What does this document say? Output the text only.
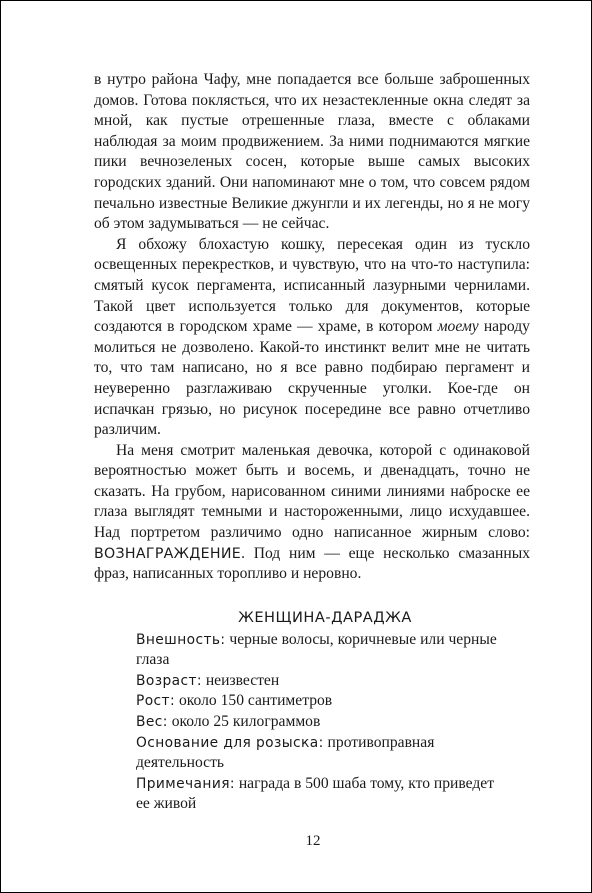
в нутро района Чафу, мне попадается все больше заброшенных домов. Готова поклясться, что их незастекленные окна следят за мной, как пустые отрешенные глаза, вместе с облаками наблюдая за моим продвижением. За ними поднимаются мягкие пики вечнозеленых сосен, которые выше самых высоких городских зданий. Они напоминают мне о том, что совсем рядом печально известные Великие джунгли и их легенды, но я не могу об этом задумываться — не сейчас.

Я обхожу блохастую кошку, пересекая один из тускло освещенных перекрестков, и чувствую, что на что-то наступила: смятый кусок пергамента, исписанный лазурными чернилами. Такой цвет используется только для документов, которые создаются в городском храме — храме, в котором моему народу молиться не дозволено. Какой-то инстинкт велит мне не читать то, что там написано, но я все равно подбираю пергамент и неуверенно разглаживаю скрученные уголки. Кое-где он испачкан грязью, но рисунок посередине все равно отчетливо различим.

На меня смотрит маленькая девочка, которой с одинаковой вероятностью может быть и восемь, и двенадцать, точно не сказать. На грубом, нарисованном синими линиями наброске ее глаза выглядят темными и настороженными, лицо исхудавшее. Над портретом различимо одно написанное жирным слово: ВОЗНАГРАЖДЕНИЕ. Под ним — еще несколько смазанных фраз, написанных торопливо и неровно.

ЖЕНЩИНА-ДАРАДЖА

Внешность: черные волосы, коричневые или черные глаза

Возраст: неизвестен

Рост: около 150 сантиметров

Вес: около 25 килограммов

Основание для розыска: противоправная деятельность

Примечания: награда в 500 шаба тому, кто приведет ее живой

12
